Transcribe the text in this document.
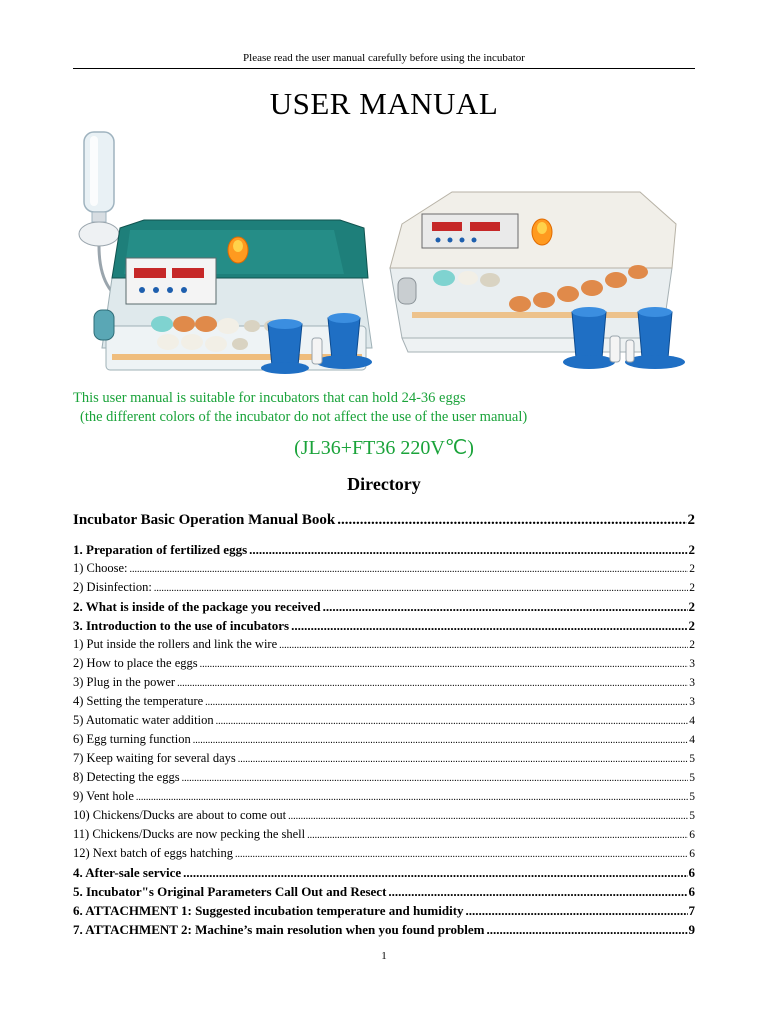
Please read the user manual carefully before using the incubator
USER MANUAL
This user manual is suitable for incubators that can hold 24-36 eggs
(the different colors of the incubator do not affect the use of the user manual)
(JL36+FT36 220V℃)
Directory
Incubator Basic Operation Manual Book .....	2
1. Preparation of fertilized eggs .....	2
1) Choose: .....	2
2) Disinfection: .....	2
2. What is inside of the package you received .....	2
3. Introduction to the use of incubators .....	2
1) Put inside the rollers and link the wire .....	2
2) How to place the eggs .....	3
3) Plug in the power .....	3
4) Setting the temperature .....	3
5) Automatic water addition .....	4
6) Egg turning function .....	4
7) Keep waiting for several days .....	5
8) Detecting the eggs .....	5
9) Vent hole .....	5
10) Chickens/Ducks are about to come out .....	5
11) Chickens/Ducks are now pecking the shell .....	6
12) Next batch of eggs hatching .....	6
4. After-sale service .....	6
5. Incubator"s Original Parameters Call Out and Resect .....	6
6. ATTACHMENT 1: Suggested incubation temperature and humidity .....	7
7. ATTACHMENT 2: Machine’s main resolution when you found problem .....	9
1
